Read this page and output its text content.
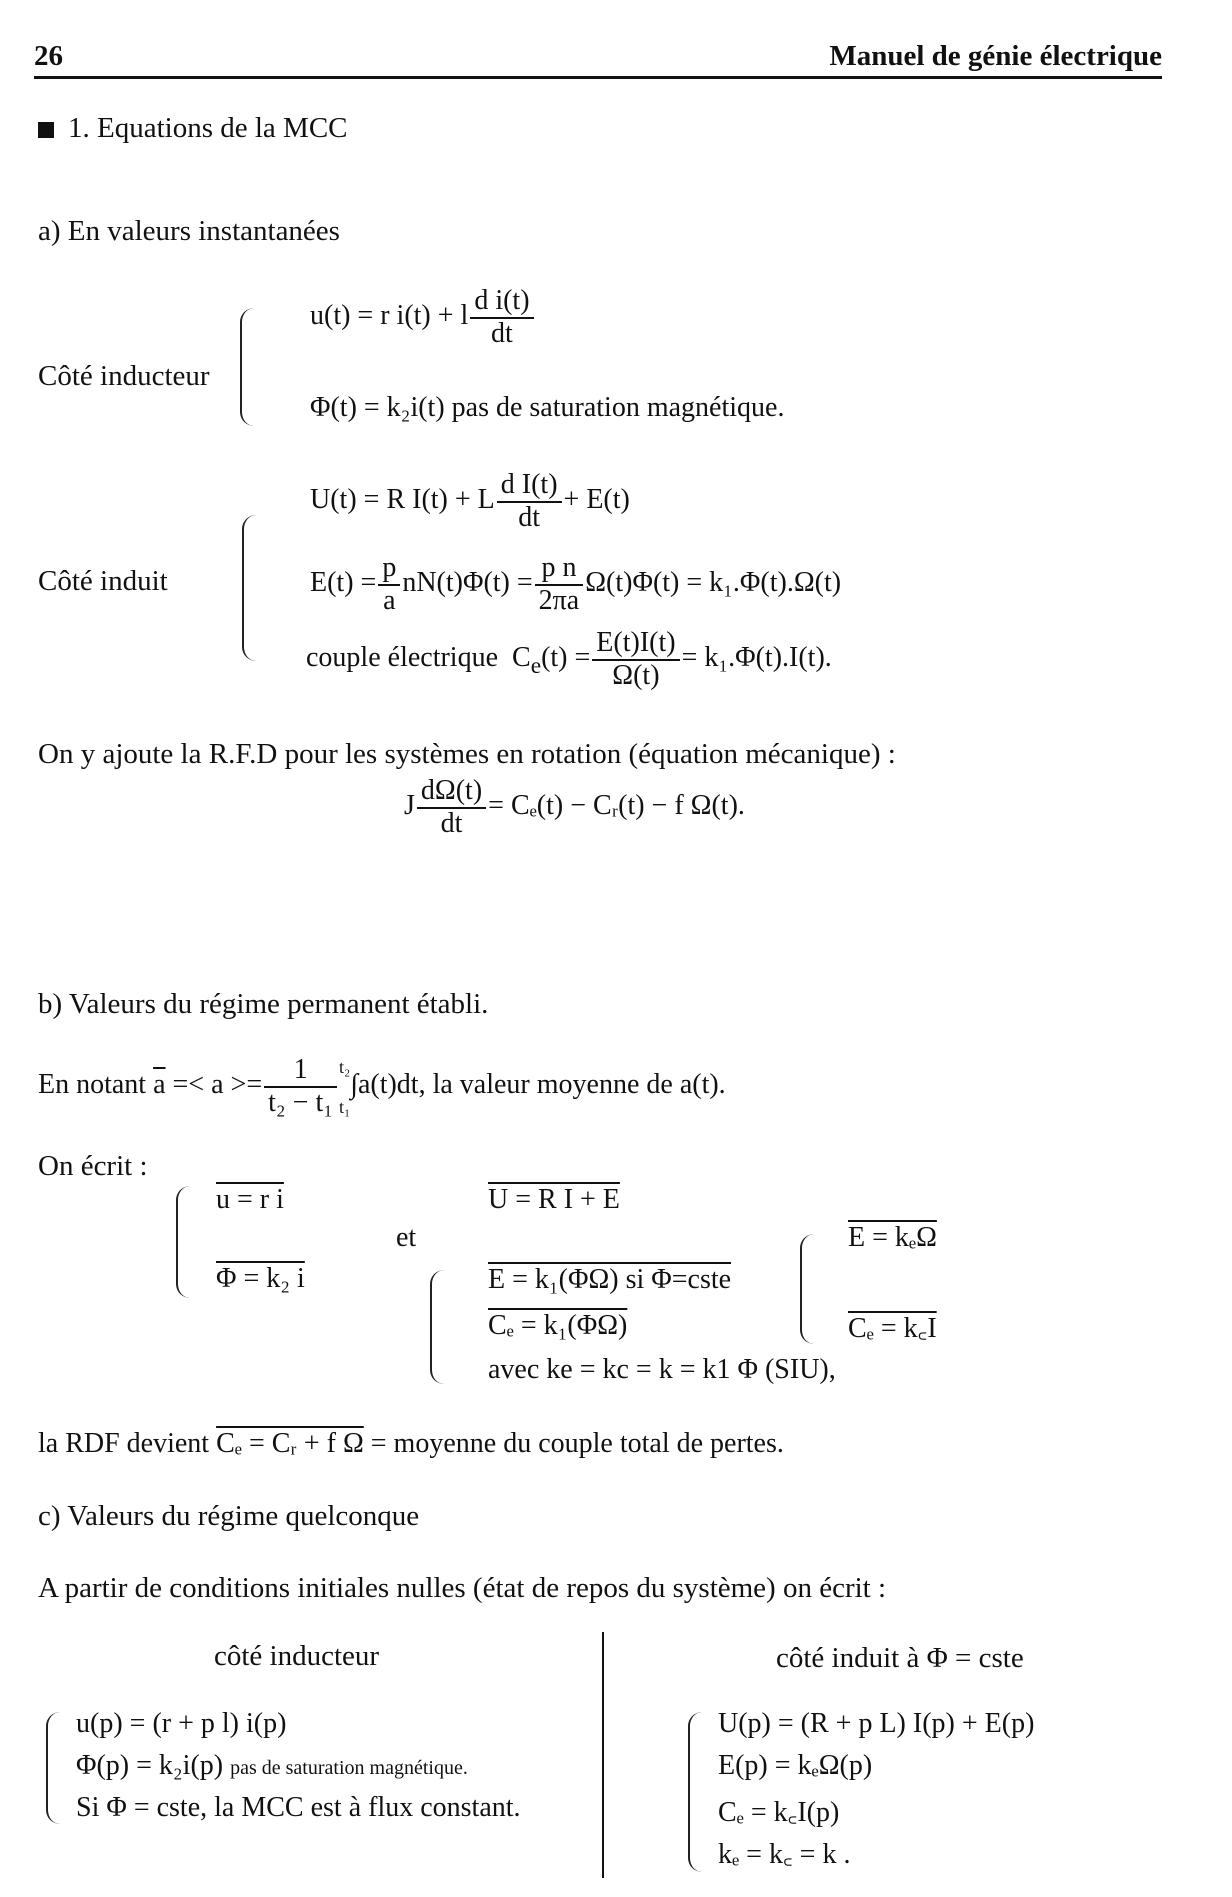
26	Manuel de génie électrique
1. Equations de la MCC
a) En valeurs instantanées
Côté inducteur
u(t) = r i(t) + l $\frac{\text{d i(t)}}{dt}$
Φ(t) = k₂i(t) pas de saturation magnétique.
Côté induit
U(t) = R I(t) + L $\frac{\text{d I(t)}}{dt} + E(t)$
$E(t) = \frac{p}{a} nN(t)\Phi(t) = \frac{\text{p n}}{2\pi a} \Omega(t)\Phi(t) = k_1.\Phi(t).\Omega(t)$
couple électrique $C_e(t) = \frac{E(t)I(t)}{\Omega(t)} = k_1.\Phi(t).I(t)$.
On y ajoute la R.F.D pour les systèmes en rotation (équation mécanique) :
J $\frac{d\Omega(t)}{dt} = C_e(t)$ − Cᵣ(t) − f Ω(t).
b) Valeurs du régime permanent établi.
En notant $\overline{a} =< a >= \frac{1}{\text{t₂ − t₁}} t_2$
t₁
∫a(t)dt, la valeur moyenne de a(t).
On écrit :
u = r i
Φ = k₂ i
et
U = R I + E
E = k₁(ΦΩ) si Φ=cste
Cₑ = k₁(ΦΩ)
avec ke = kc = k = k1 Φ (SIU),
E = kₑΩ
Cₑ = k꜀I
la RDF devient Cₑ = Cᵣ + f Ω = moyenne du couple total de pertes.
c) Valeurs du régime quelconque
A partir de conditions initiales nulles (état de repos du système) on écrit :
côté inducteur	côté induit à Φ = cste
u(p) = (r + p l) i(p)
Φ(p) = k₂i(p) pas de saturation magnétique.
Si Φ = cste, la MCC est à flux constant.
U(p) = (R + p L) I(p) + E(p)
E(p) = kₑΩ(p)
Cₑ = k꜀I(p)
kₑ = k꜀ = k .
